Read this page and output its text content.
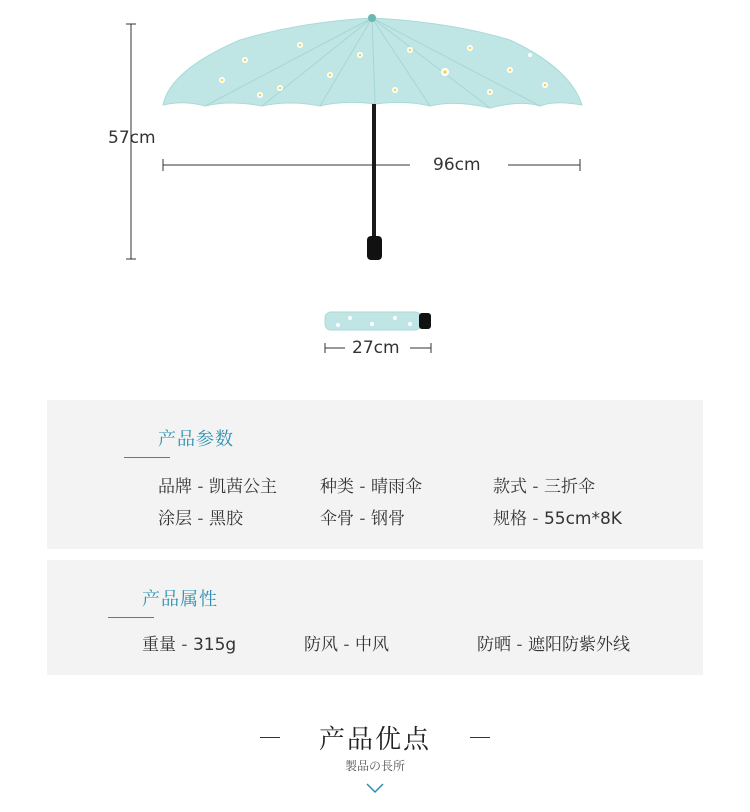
57cm
96cm
27cm
产品参数
品牌 - 凯茜公主	种类 - 晴雨伞	款式 - 三折伞
涂层 - 黑胶	伞骨 - 钢骨	规格 - 55cm*8K
产品属性
重量 - 315g	防风 - 中风	防晒 - 遮阳防紫外线
产品优点
製品の長所
